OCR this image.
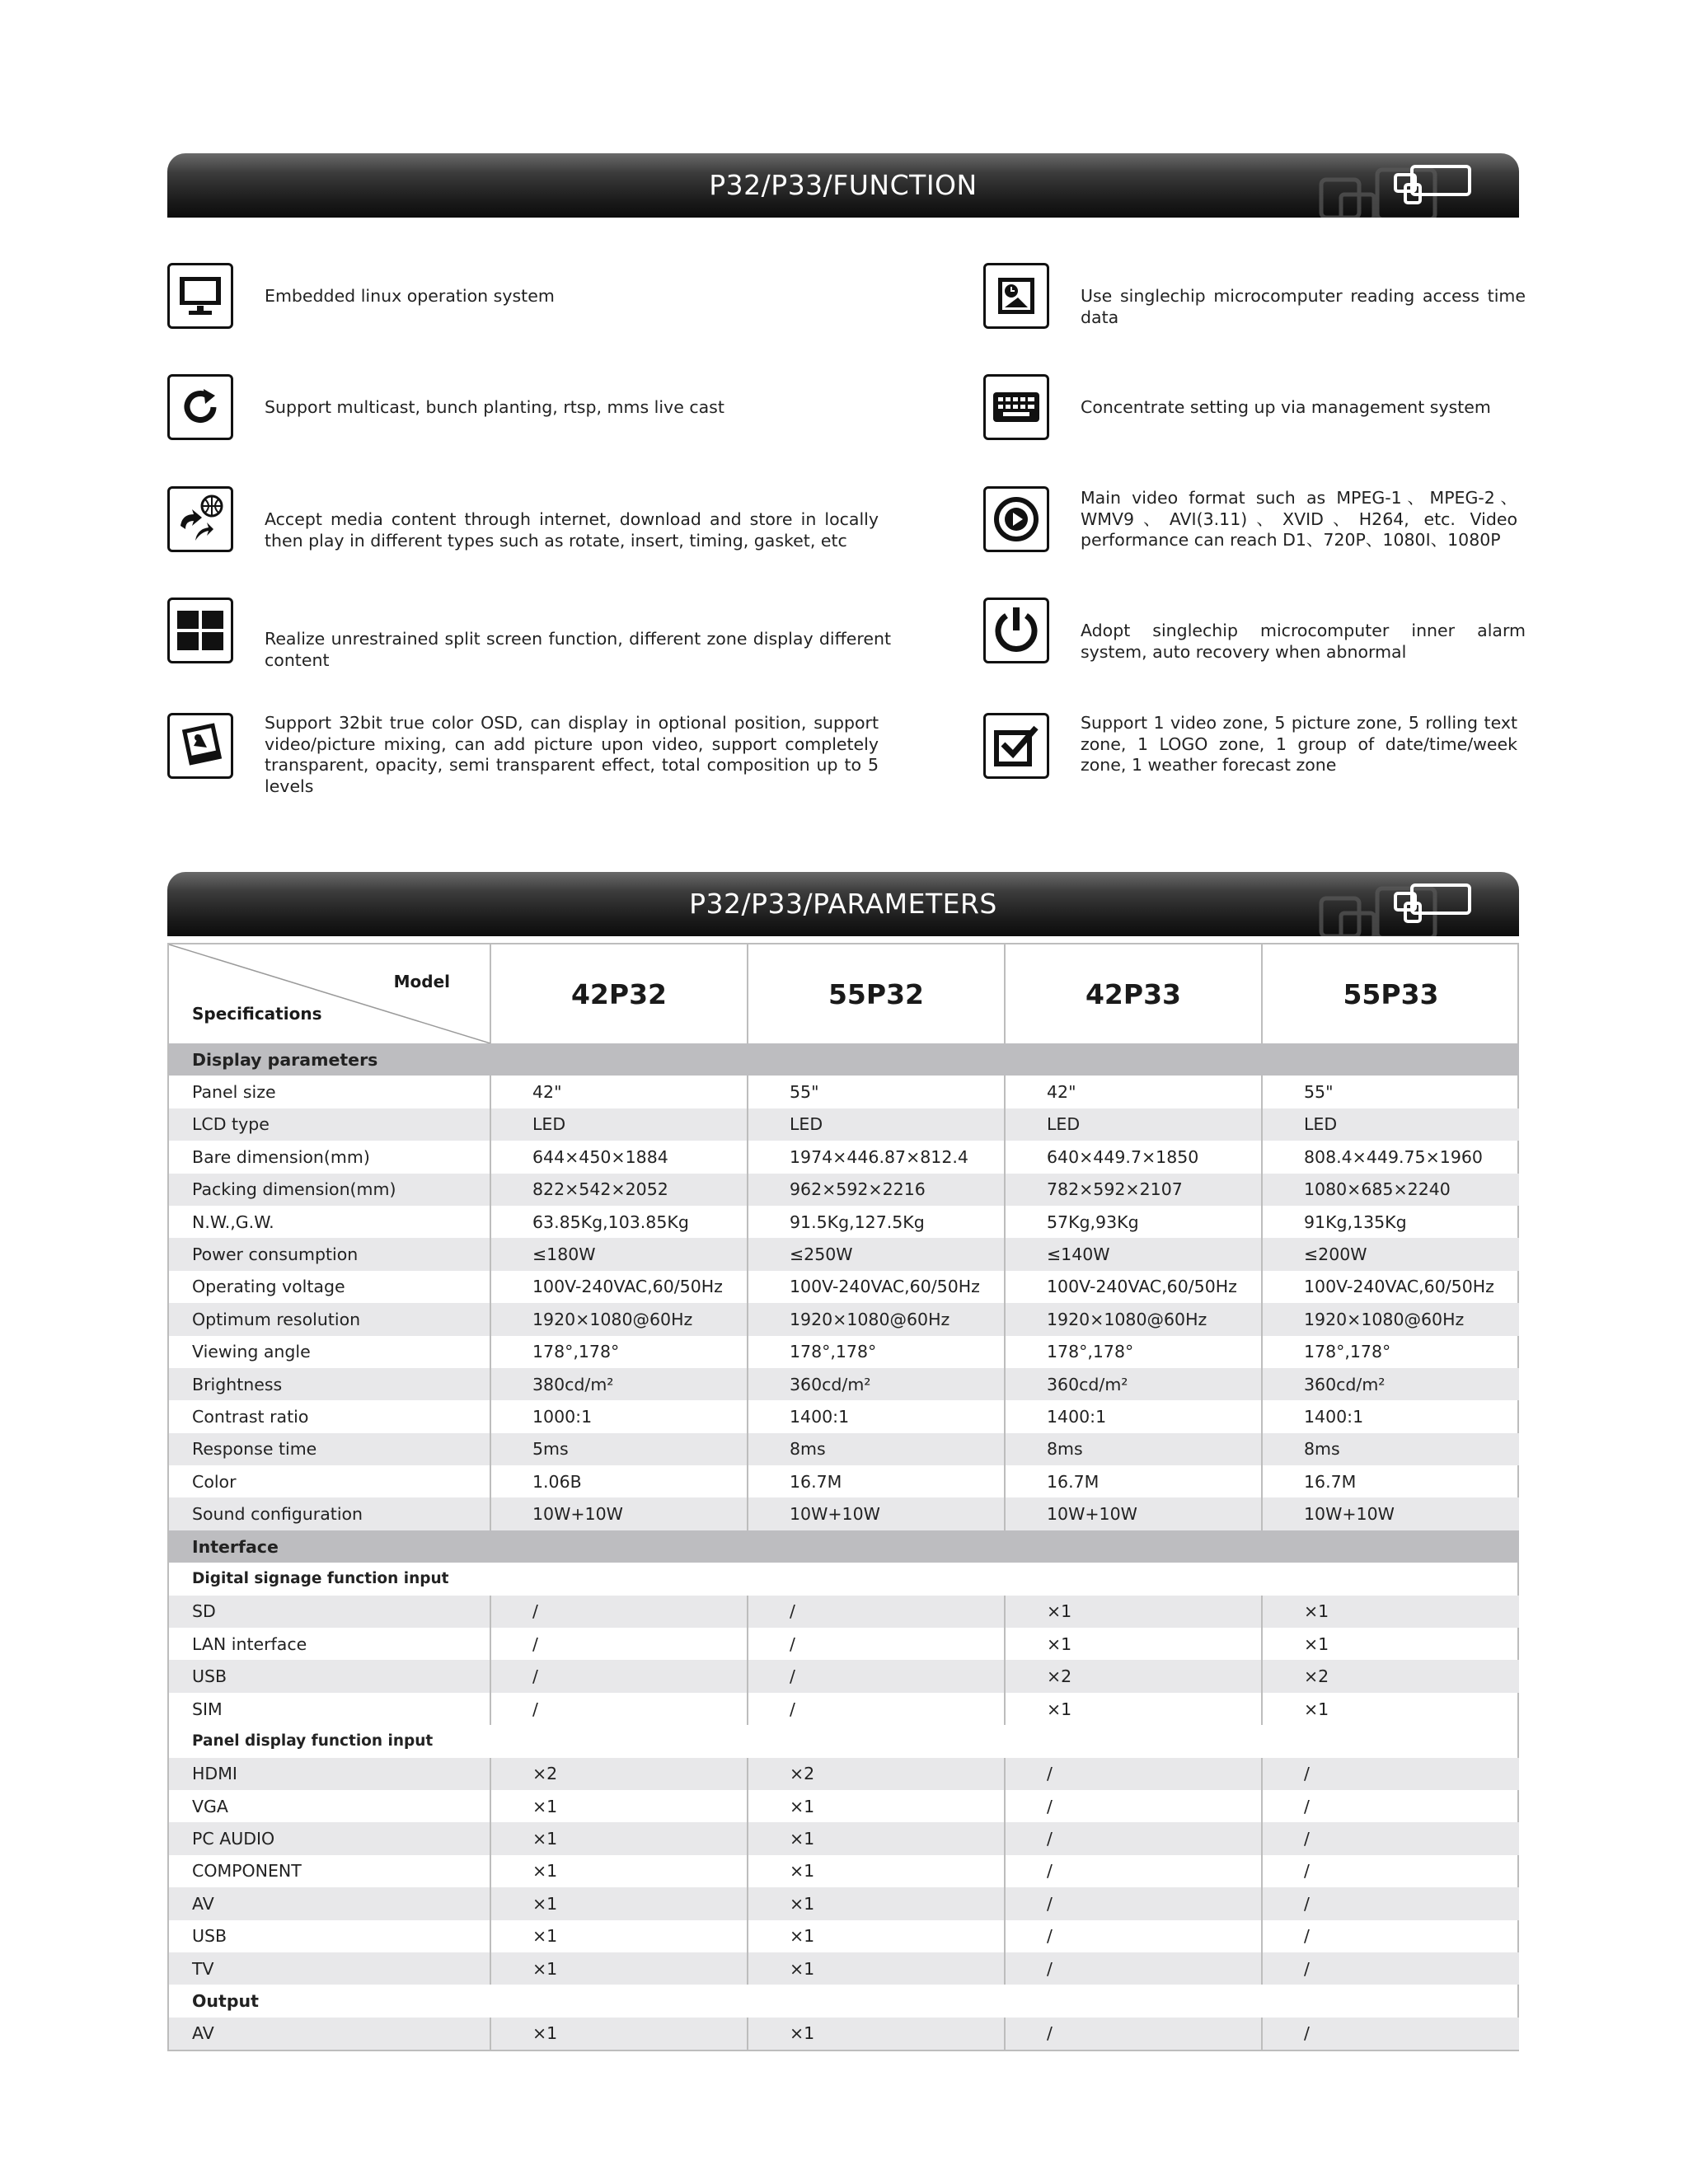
P32/P33/FUNCTION
Embedded linux operation system	Use singlechip microcomputer reading access time data
Support multicast, bunch planting, rtsp, mms live cast	Concentrate setting up via management system
Accept media content through internet, download and store in locally then play in different types such as rotate, insert, timing, gasket, etc
Main video format such as MPEG-1、MPEG-2、WMV9、AVI(3.11)、XVID、H264, etc. Video performance can reach D1、720P、1080I、1080P
Realize unrestrained split screen function, different zone display different content
Adopt singlechip microcomputer inner alarm system, auto recovery when abnormal
Support 32bit true color OSD, can display in optional position, support video/picture mixing, can add picture upon video, support completely transparent, opacity, semi transparent effect, total composition up to 5 levels
Support 1 video zone, 5 picture zone, 5 rolling text zone, 1 LOGO zone, 1 group of date/time/week zone, 1 weather forecast zone
P32/P33/PARAMETERS
Model
Specifications	42P32	55P32	42P33	55P33
Display parameters				
Panel size	42"	55"	42"	55"
LCD type	LED	LED	LED	LED
Bare dimension(mm)	644×450×1884	1974×446.87×812.4	640×449.7×1850	808.4×449.75×1960
Packing dimension(mm)	822×542×2052	962×592×2216	782×592×2107	1080×685×2240
N.W.,G.W.	63.85Kg,103.85Kg	91.5Kg,127.5Kg	57Kg,93Kg	91Kg,135Kg
Power consumption	≤180W	≤250W	≤140W	≤200W
Operating voltage	100V-240VAC,60/50Hz	100V-240VAC,60/50Hz	100V-240VAC,60/50Hz	100V-240VAC,60/50Hz
Optimum resolution	1920×1080@60Hz	1920×1080@60Hz	1920×1080@60Hz	1920×1080@60Hz
Viewing angle	178°,178°	178°,178°	178°,178°	178°,178°
Brightness	380cd/m²	360cd/m²	360cd/m²	360cd/m²
Contrast ratio	1000:1	1400:1	1400:1	1400:1
Response time	5ms	8ms	8ms	8ms
Color	1.06B	16.7M	16.7M	16.7M
Sound configuration	10W+10W	10W+10W	10W+10W	10W+10W
Interface				
Digital signage function input				
SD	/	/	×1	×1
LAN interface	/	/	×1	×1
USB	/	/	×2	×2
SIM	/	/	×1	×1
Panel display function input				
HDMI	×2	×2	/	/
VGA	×1	×1	/	/
PC AUDIO	×1	×1	/	/
COMPONENT	×1	×1	/	/
AV	×1	×1	/	/
USB	×1	×1	/	/
TV	×1	×1	/	/
Output				
AV	×1	×1	/	/
